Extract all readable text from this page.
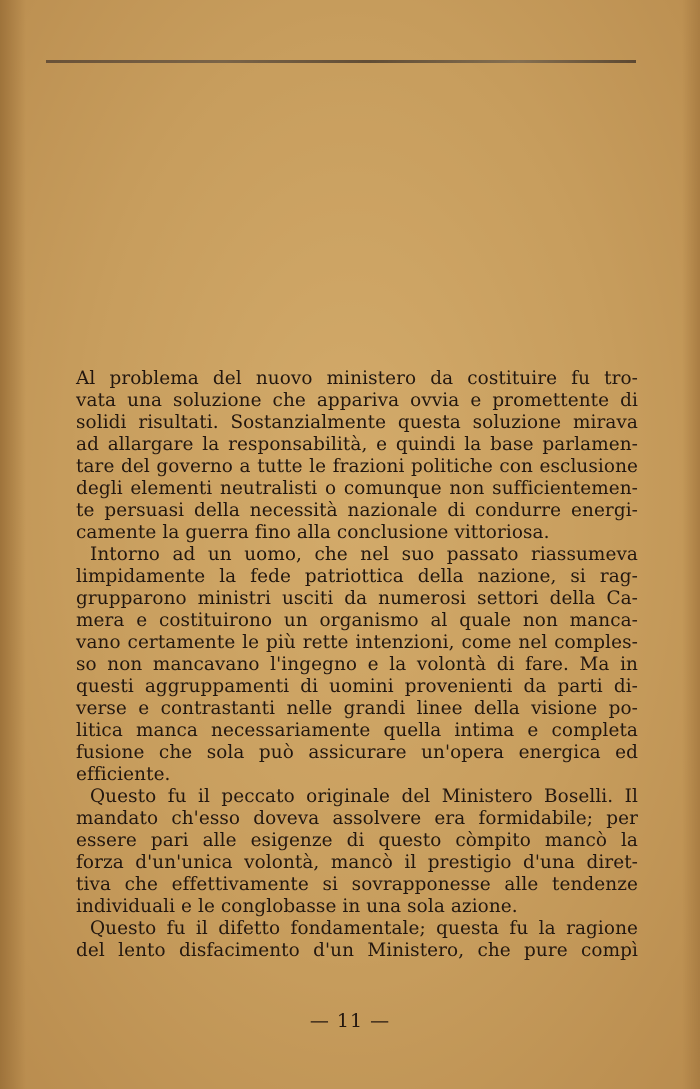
Al problema del nuovo ministero da costituire fu tro-
vata una soluzione che appariva ovvia e promettente di
solidi risultati. Sostanzialmente questa soluzione mirava
ad allargare la responsabilità, e quindi la base parlamen-
tare del governo a tutte le frazioni politiche con esclusione
degli elementi neutralisti o comunque non sufficientemen-
te persuasi della necessità nazionale di condurre energi-
camente la guerra fino alla conclusione vittoriosa.
Intorno ad un uomo, che nel suo passato riassumeva
limpidamente la fede patriottica della nazione, si rag-
grupparono ministri usciti da numerosi settori della Ca-
mera e costituirono un organismo al quale non manca-
vano certamente le più rette intenzioni, come nel comples-
so non mancavano l'ingegno e la volontà di fare. Ma in
questi aggruppamenti di uomini provenienti da parti di-
verse e contrastanti nelle grandi linee della visione po-
litica manca necessariamente quella intima e completa
fusione che sola può assicurare un'opera energica ed
efficiente.
Questo fu il peccato originale del Ministero Boselli. Il
mandato ch'esso doveva assolvere era formidabile; per
essere pari alle esigenze di questo còmpito mancò la
forza d'un'unica volontà, mancò il prestigio d'una diret-
tiva che effettivamente si sovrapponesse alle tendenze
individuali e le conglobasse in una sola azione.
Questo fu il difetto fondamentale; questa fu la ragione
del lento disfacimento d'un Ministero, che pure compì
— 11 —
